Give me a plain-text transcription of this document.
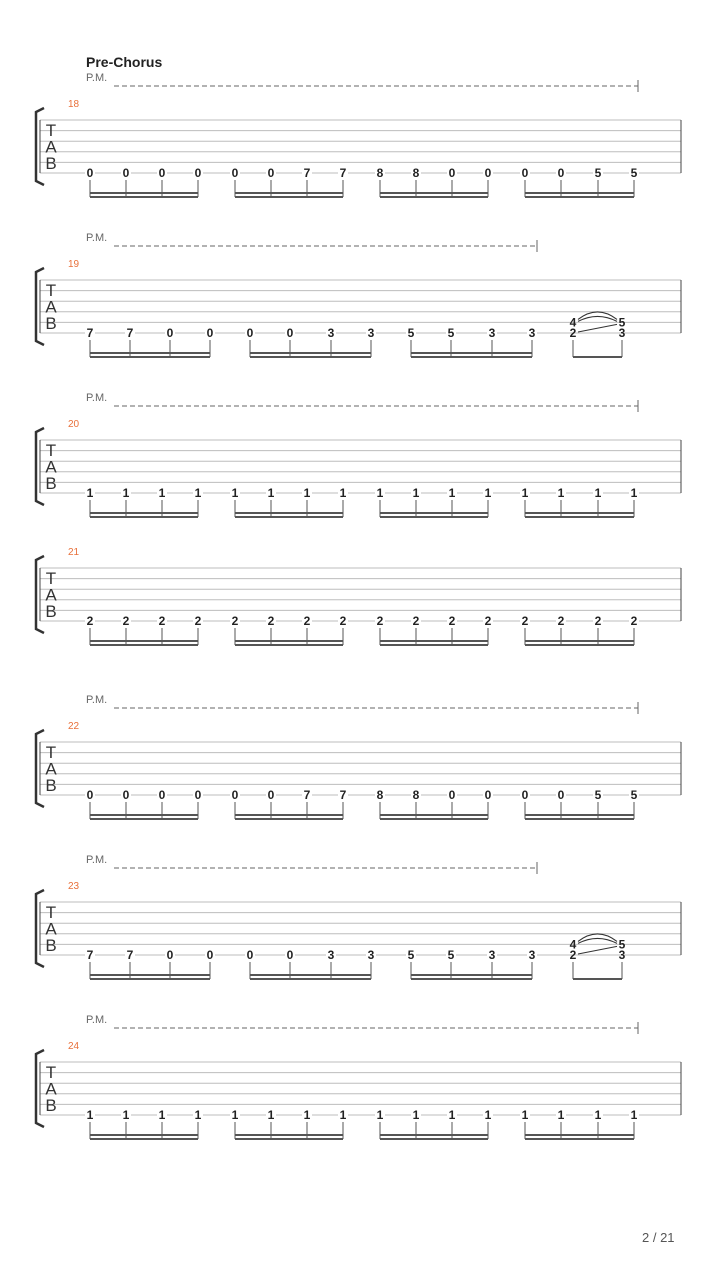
Pre-Chorus
P.M.
18
T
A
B 0 0 0 0	0 0 7 7	8 8 0 0	0 0	5 5
P.M.
19
T
A
B 7	7	0	0	0	0	3	3	5	5	3	3
4
2
5
3
P.M.
20
T
A
B 1 1 1 1	1 1 1 1	1 1 1 1	1 1	1 1
21
T
A
B 2 2 2 2	2 2 2 2	2 2 2 2	2 2	2 2
P.M.
22
T
A
B 0 0 0 0	0 0 7 7	8 8 0 0	0 0	5 5
P.M.
23
T
A
B 7	7	0	0	0	0	3	3	5	5	3	3
4
2
5
3
P.M.
24
T
A
B 1 1 1 1	1 1 1 1	1 1 1 1	1 1	1 1
2 / 21
